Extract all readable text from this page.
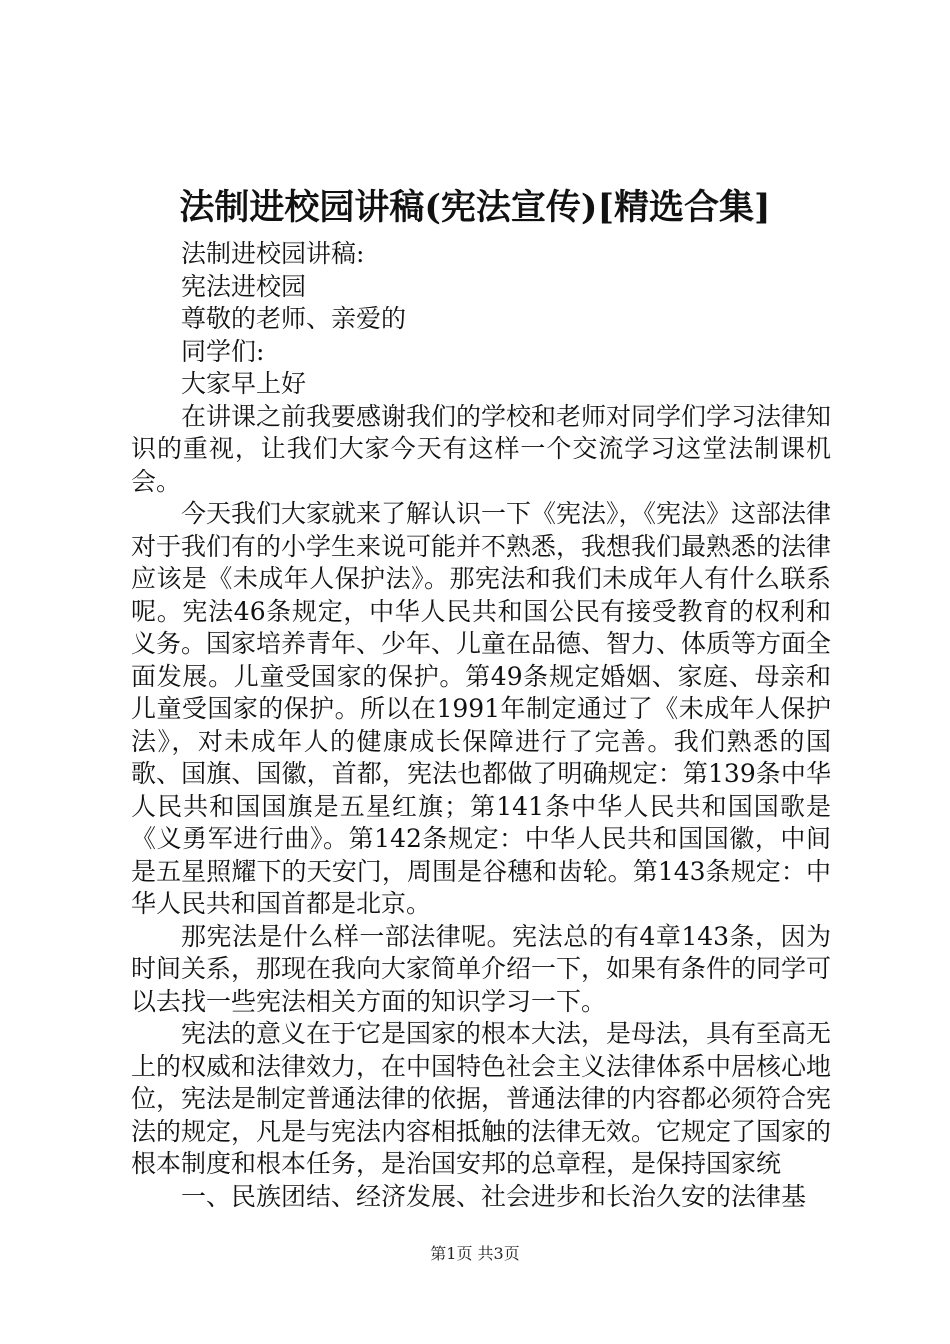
法制进校园讲稿(宪法宣传)[精选合集]
法制进校园讲稿:
宪法进校园
尊敬的老师、亲爱的
同学们:
大家早上好
在讲课之前我要感谢我们的学校和老师对同学们学习法律知识的重视，让我们大家今天有这样一个交流学习这堂法制课机会。
今天我们大家就来了解认识一下《宪法》，《宪法》这部法律对于我们有的小学生来说可能并不熟悉，我想我们最熟悉的法律应该是《未成年人保护法》。那宪法和我们未成年人有什么联系呢。宪法46条规定，中华人民共和国公民有接受教育的权利和义务。国家培养青年、少年、儿童在品德、智力、体质等方面全面发展。儿童受国家的保护。第49条规定婚姻、家庭、母亲和儿童受国家的保护。所以在1991年制定通过了《未成年人保护法》，对未成年人的健康成长保障进行了完善。我们熟悉的国歌、国旗、国徽，首都，宪法也都做了明确规定：第139条中华人民共和国国旗是五星红旗；第141条中华人民共和国国歌是《义勇军进行曲》。第142条规定：中华人民共和国国徽，中间是五星照耀下的天安门，周围是谷穗和齿轮。第143条规定：中华人民共和国首都是北京。
那宪法是什么样一部法律呢。宪法总的有4章143条，因为时间关系，那现在我向大家简单介绍一下，如果有条件的同学可以去找一些宪法相关方面的知识学习一下。
宪法的意义在于它是国家的根本大法，是母法，具有至高无上的权威和法律效力，在中国特色社会主义法律体系中居核心地位，宪法是制定普通法律的依据，普通法律的内容都必须符合宪法的规定，凡是与宪法内容相抵触的法律无效。它规定了国家的根本制度和根本任务，是治国安邦的总章程，是保持国家统
一、民族团结、经济发展、社会进步和长治久安的法律基
第1页 共3页
